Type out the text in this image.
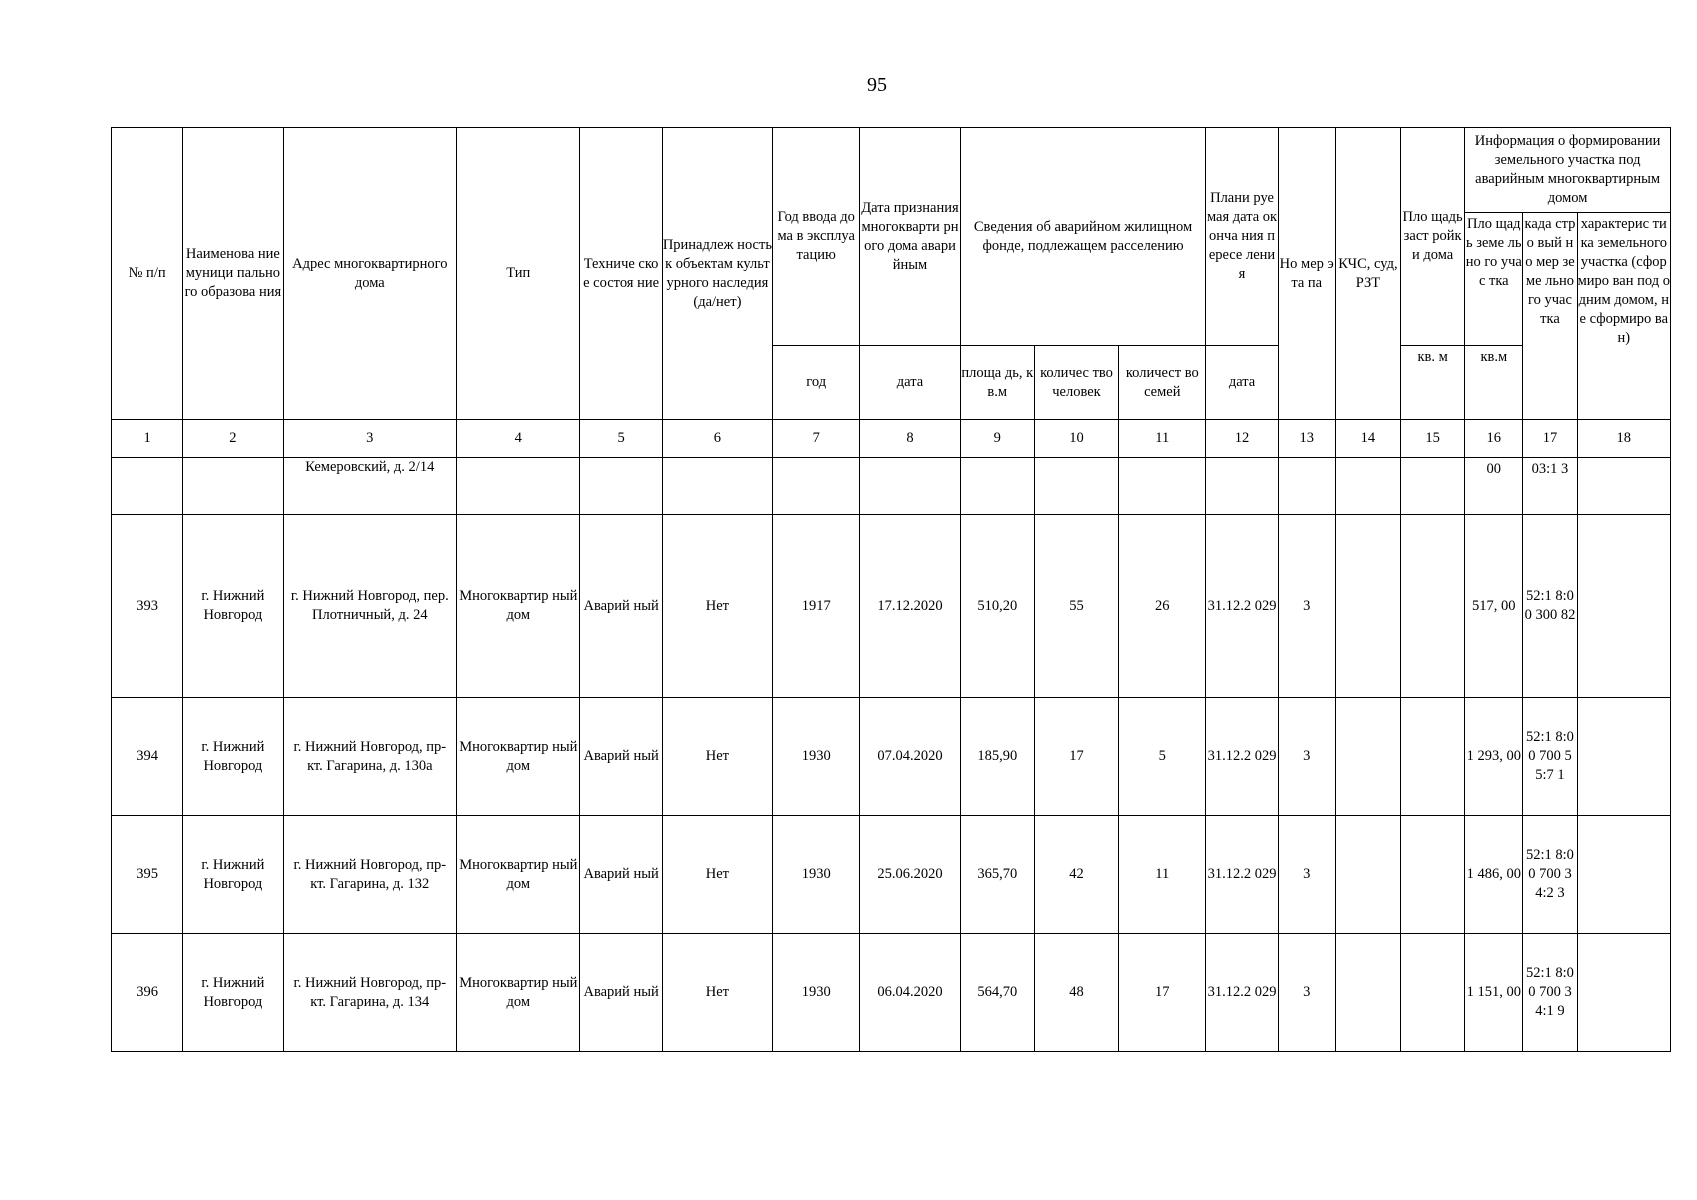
95
№ п/п	Наименова ние муници пального образова ния	Адрес многоквартирного дома	Тип	Техниче ское состоя ние	Принадлеж ность к объектам культурного наследия (да/нет)	Год ввода дома в эксплуа тацию	Дата признания многокварти рного дома аварийным	Сведения об аварийном жилищном фонде, подлежащем расселению			Плани руемая дата оконча ния пересе ления	Но мер эта па	КЧС, суд, РЗТ	Пло щадь заст ройки дома	Информация о формировании земельного участка под аварийным многоквартирным домом		
															Пло щадь земе льно го учас тка	када стро вый но мер земе льно го учас тка	характерис тика земельного участка (сформиро ван под одним домом, не сформиро ван)
						год	дата	площа дь, кв.м	количес тво человек	количест во семей	дата			кв. м	кв.м		
1	2	3	4	5	6	7	8	9	10	11	12	13	14	15	16	17	18
		Кемеровский, д. 2/14													00	03:1 3	
393	г. Нижний Новгород	г. Нижний Новгород, пер. Плотничный, д. 24	Многоквартир ный дом	Аварий ный	Нет	1917	17.12.2020	510,20	55	26	31.12.2 029	3			517, 00	52:1 8:00 300 82	
394	г. Нижний Новгород	г. Нижний Новгород, пр-кт. Гагарина, д. 130а	Многоквартир ный дом	Аварий ный	Нет	1930	07.04.2020	185,90	17	5	31.12.2 029	3			1 293, 00	52:1 8:00 700 55:7 1	
395	г. Нижний Новгород	г. Нижний Новгород, пр-кт. Гагарина, д. 132	Многоквартир ный дом	Аварий ный	Нет	1930	25.06.2020	365,70	42	11	31.12.2 029	3			1 486, 00	52:1 8:00 700 34:2 3	
396	г. Нижний Новгород	г. Нижний Новгород, пр-кт. Гагарина, д. 134	Многоквартир ный дом	Аварий ный	Нет	1930	06.04.2020	564,70	48	17	31.12.2 029	3			1 151, 00	52:1 8:00 700 34:1 9	
